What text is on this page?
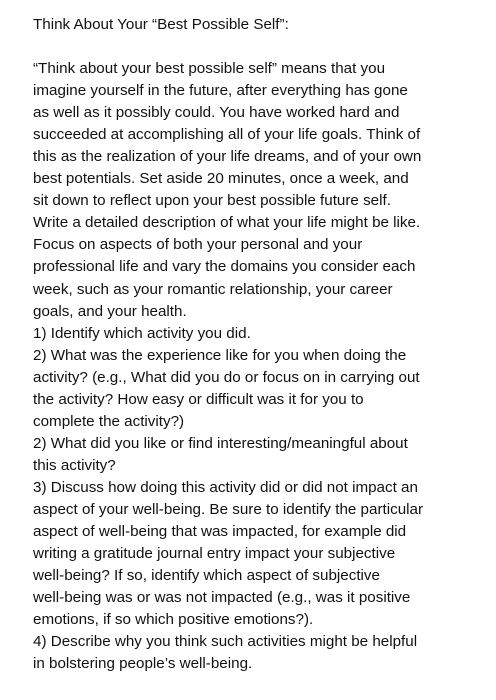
Think About Your “Best Possible Self”:

“Think about your best possible self” means that you

imagine yourself in the future, after everything has gone

as well as it possibly could. You have worked hard and

succeeded at accomplishing all of your life goals. Think of

this as the realization of your life dreams, and of your own

best potentials. Set aside 20 minutes, once a week, and

sit down to reflect upon your best possible future self.

Write a detailed description of what your life might be like.

Focus on aspects of both your personal and your

professional life and vary the domains you consider each

week, such as your romantic relationship, your career

goals, and your health.

1) Identify which activity you did.

2) What was the experience like for you when doing the

activity? (e.g., What did you do or focus on in carrying out

the activity? How easy or difficult was it for you to

complete the activity?)

2) What did you like or find interesting/meaningful about

this activity?

3) Discuss how doing this activity did or did not impact an

aspect of your well-being. Be sure to identify the particular

aspect of well-being that was impacted, for example did

writing a gratitude journal entry impact your subjective

well-being? If so, identify which aspect of subjective

well-being was or was not impacted (e.g., was it positive

emotions, if so which positive emotions?).

4) Describe why you think such activities might be helpful

in bolstering people’s well-being.
